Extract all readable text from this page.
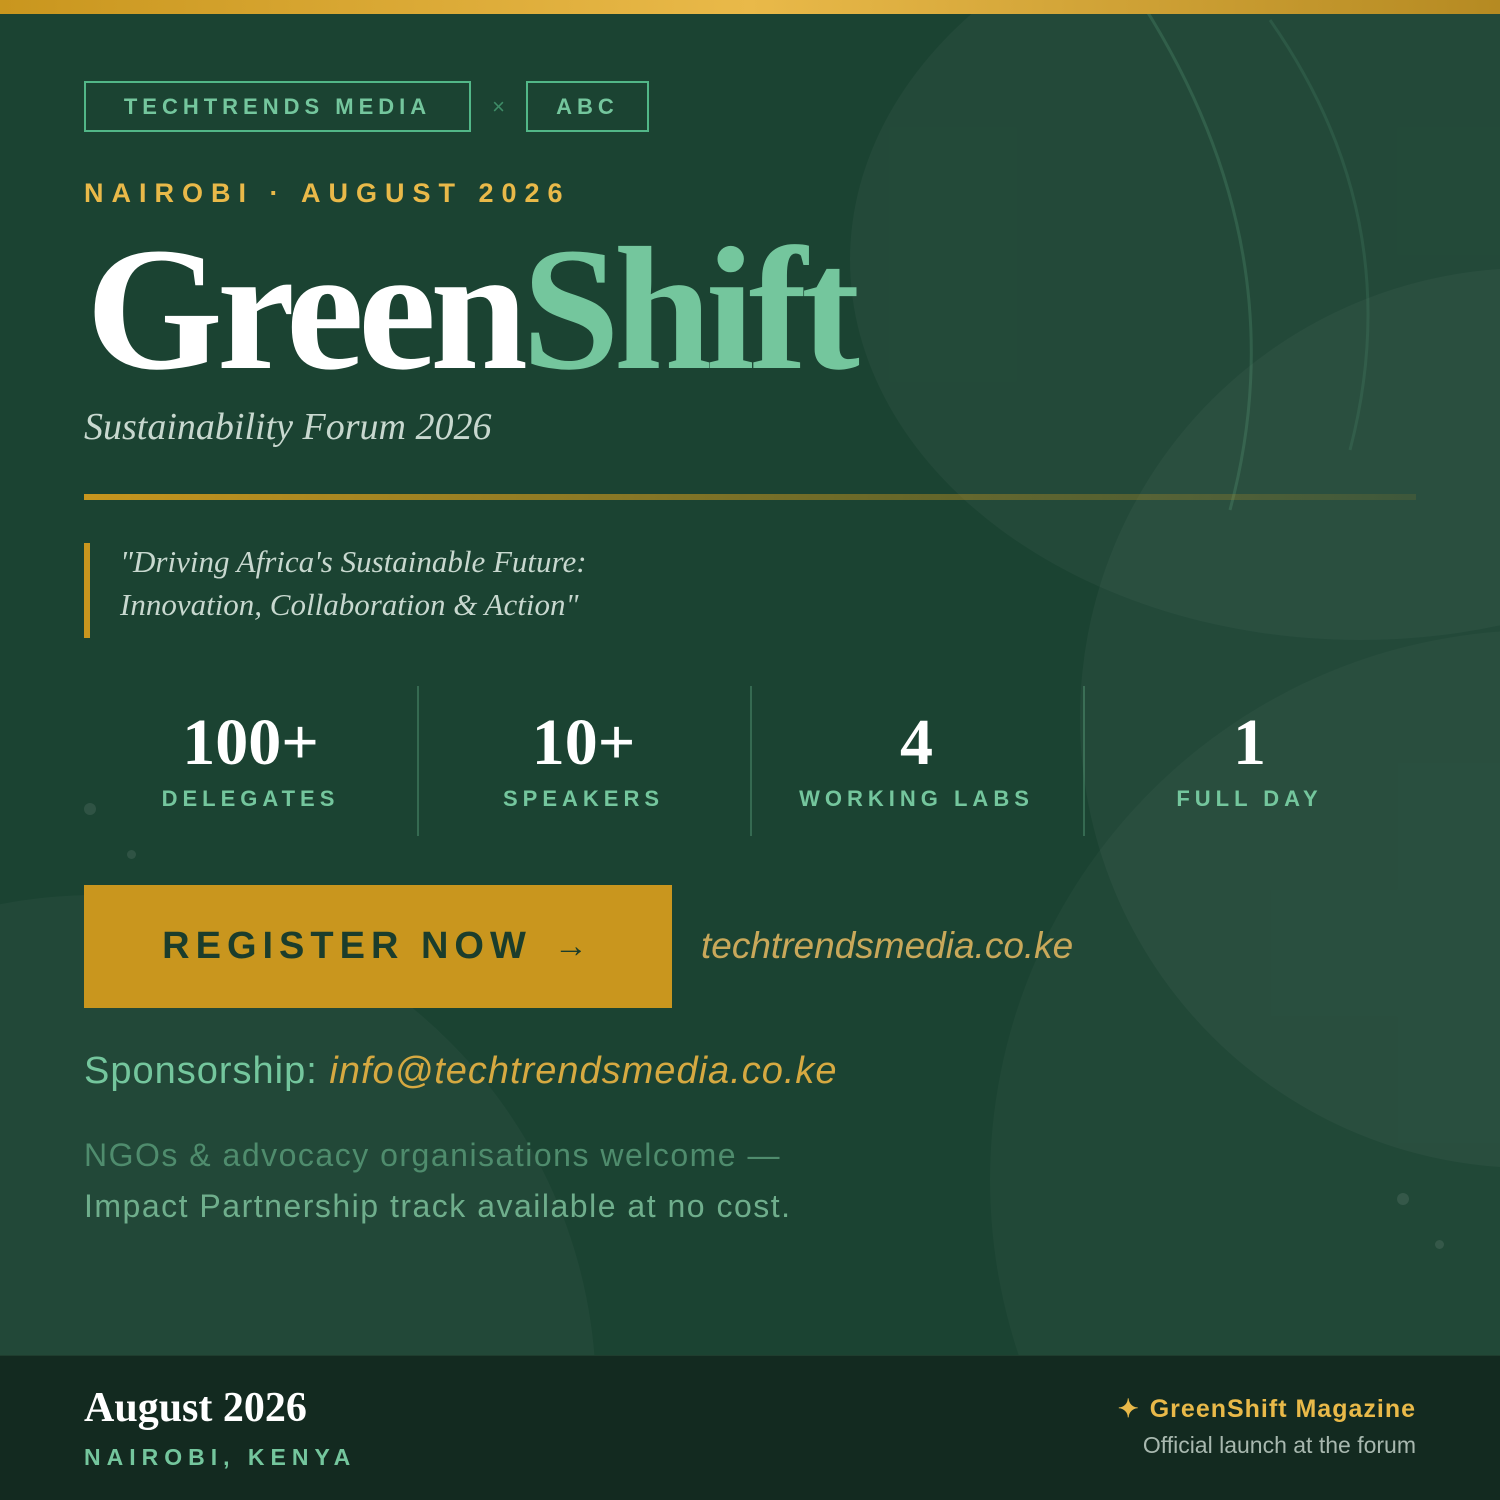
TECHTRENDS MEDIA	×	ABC
NAIROBI · AUGUST 2026
GreenShift
Sustainability Forum 2026
"Driving Africa's Sustainable Future:
Innovation, Collaboration & Action"
100+
DELEGATES
10+
SPEAKERS
4
WORKING LABS
1
FULL DAY
REGISTER NOW →	techtrendsmedia.co.ke
Sponsorship: info@techtrendsmedia.co.ke
NGOs & advocacy organisations welcome —
Impact Partnership track available at no cost.
August 2026
NAIROBI, KENYA
✦ GreenShift Magazine
Official launch at the forum
